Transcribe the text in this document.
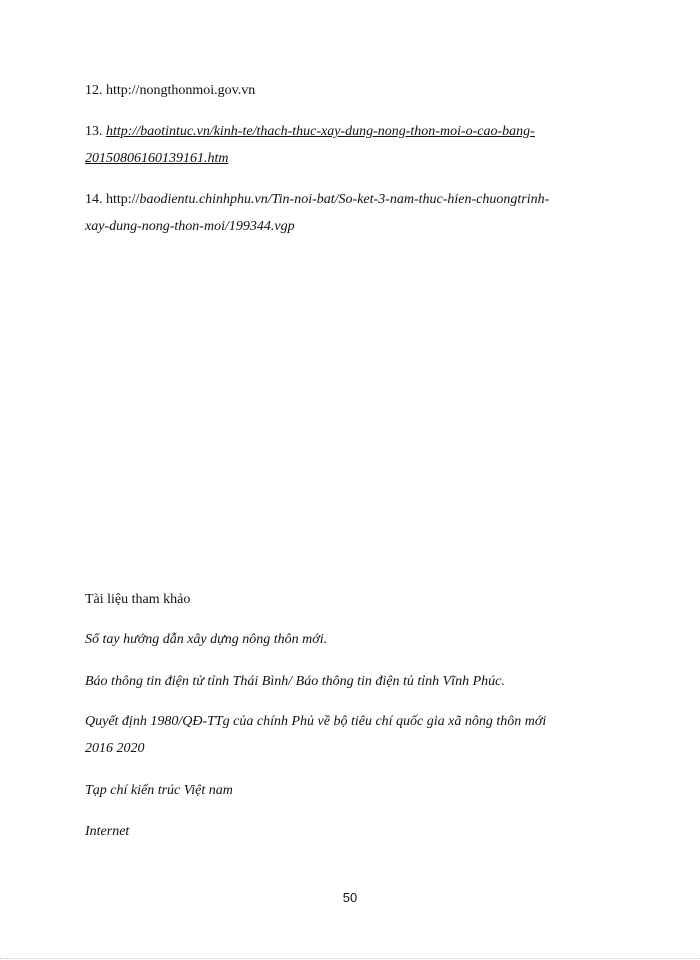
12. http://nongthonmoi.gov.vn
13. http://baotintuc.vn/kinh-te/thach-thuc-xay-dung-nong-thon-moi-o-cao-bang-
20150806160139161.htm
14. http://baodientu.chinhphu.vn/Tin-noi-bat/So-ket-3-nam-thuc-hien-chuongtrinh-
xay-dung-nong-thon-moi/199344.vgp
Tài liệu tham khảo
Sổ tay hướng dẫn xây dựng nông thôn mới.
Báo thông tin điện tử tỉnh Thái Bình/ Báo thông tin điện tủ tỉnh Vĩnh Phúc.
Quyết định 1980/QĐ-TTg của chính Phủ về bộ tiêu chí quốc gia xã nông thôn mới
2016 2020
Tạp chí kiến trúc Việt nam
Internet
50
